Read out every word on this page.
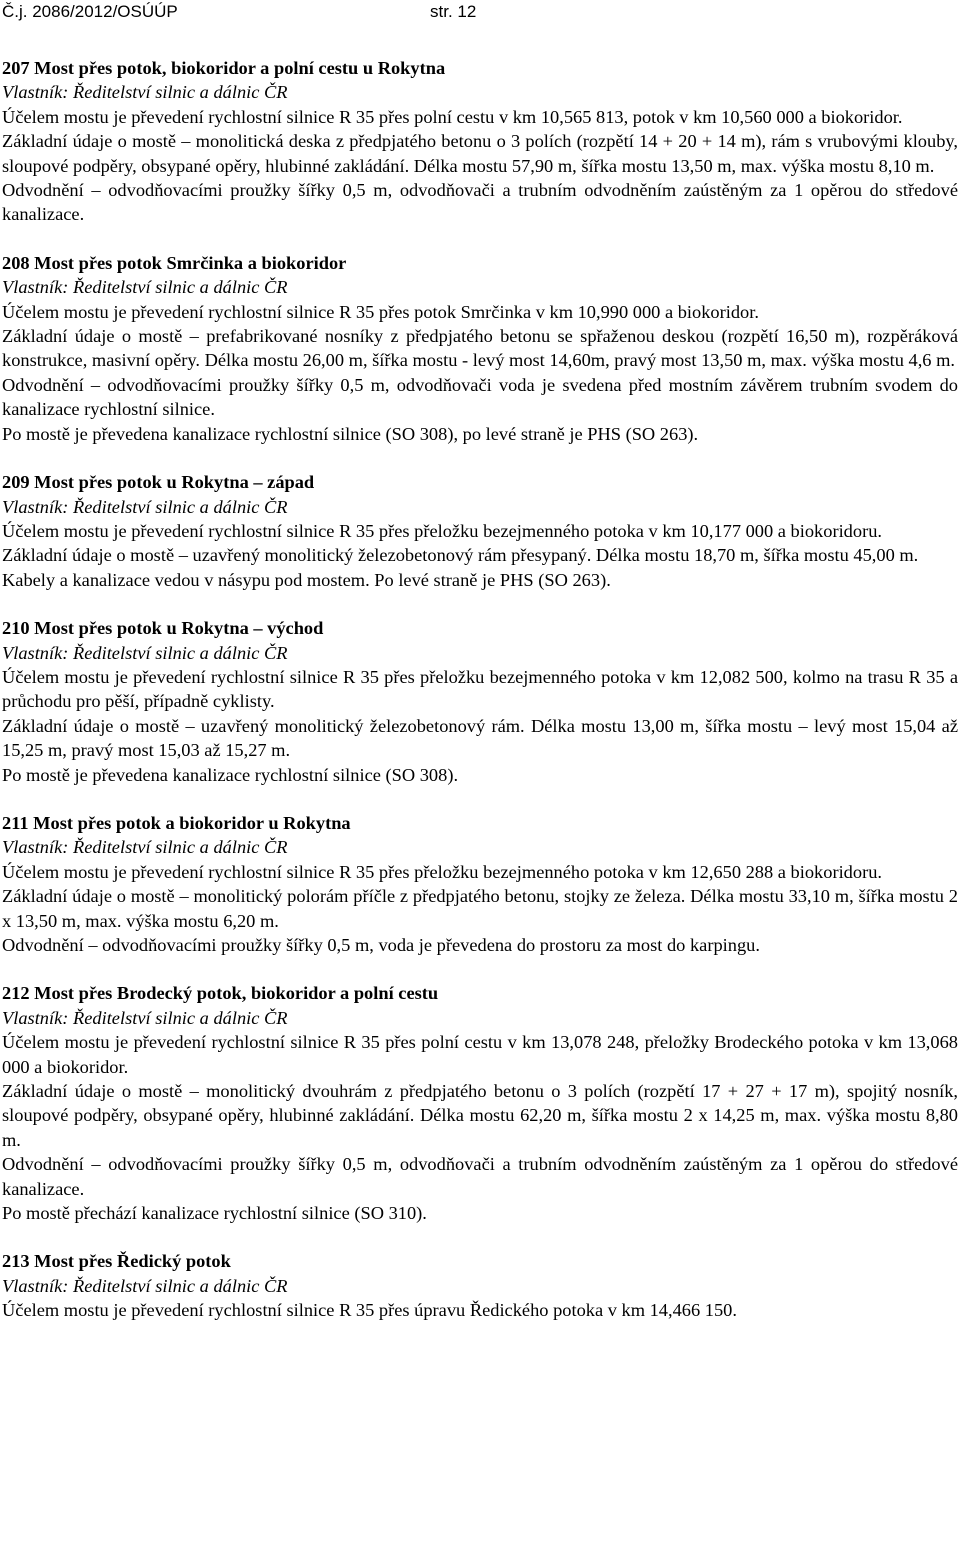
Č.j. 2086/2012/OSÚÚP	str. 12

207 Most přes potok, biokoridor a polní cestu u Rokytna

Vlastník: Ředitelství silnic a dálnic ČR

Účelem mostu je převedení rychlostní silnice R 35 přes polní cestu v km 10,565 813, potok v km 10,560 000 a biokoridor.

Základní údaje o mostě – monolitická deska z předpjatého betonu o 3 polích (rozpětí 14 + 20 + 14 m), rám s vrubovými klouby, sloupové podpěry, obsypané opěry, hlubinné zakládání. Délka mostu 57,90 m, šířka mostu 13,50 m, max. výška mostu 8,10 m.

Odvodnění – odvodňovacími proužky šířky 0,5 m, odvodňovači a trubním odvodněním zaústěným za 1 opěrou do středové kanalizace.

208 Most přes potok Smrčinka a biokoridor

Vlastník: Ředitelství silnic a dálnic ČR

Účelem mostu je převedení rychlostní silnice R 35 přes potok Smrčinka v km 10,990 000 a biokoridor.

Základní údaje o mostě – prefabrikované nosníky z předpjatého betonu se spřaženou deskou (rozpětí 16,50 m), rozpěráková konstrukce, masivní opěry. Délka mostu 26,00 m, šířka mostu - levý most 14,60m, pravý most 13,50 m, max. výška mostu 4,6 m.

Odvodnění – odvodňovacími proužky šířky 0,5 m, odvodňovači voda je svedena před mostním závěrem trubním svodem do kanalizace rychlostní silnice.

Po mostě je převedena kanalizace rychlostní silnice (SO 308), po levé straně je PHS (SO 263).

209 Most přes potok u Rokytna – západ

Vlastník: Ředitelství silnic a dálnic ČR

Účelem mostu je převedení rychlostní silnice R 35 přes přeložku bezejmenného potoka v km 10,177 000 a biokoridoru.

Základní údaje o mostě – uzavřený monolitický železobetonový rám přesypaný. Délka mostu 18,70 m, šířka mostu 45,00 m.

Kabely a kanalizace vedou v násypu pod mostem. Po levé straně je PHS (SO 263).

210 Most přes potok u Rokytna – východ

Vlastník: Ředitelství silnic a dálnic ČR

Účelem mostu je převedení rychlostní silnice R 35 přes přeložku bezejmenného potoka v km 12,082 500, kolmo na trasu R 35 a průchodu pro pěší, případně cyklisty.

Základní údaje o mostě – uzavřený monolitický železobetonový rám. Délka mostu 13,00 m, šířka mostu – levý most 15,04 až 15,25 m, pravý most 15,03 až 15,27 m.

Po mostě je převedena kanalizace rychlostní silnice (SO 308).

211 Most přes potok a biokoridor u Rokytna

Vlastník: Ředitelství silnic a dálnic ČR

Účelem mostu je převedení rychlostní silnice R 35 přes přeložku bezejmenného potoka v km 12,650 288 a biokoridoru.

Základní údaje o mostě – monolitický polorám příčle z předpjatého betonu, stojky ze železa. Délka mostu 33,10 m, šířka mostu 2 x 13,50 m, max. výška mostu 6,20 m.

Odvodnění – odvodňovacími proužky šířky 0,5 m, voda je převedena do prostoru za most do karpingu.

212 Most přes Brodecký potok, biokoridor a polní cestu

Vlastník: Ředitelství silnic a dálnic ČR

Účelem mostu je převedení rychlostní silnice R 35 přes polní cestu v km 13,078 248, přeložky Brodeckého potoka v km 13,068 000 a biokoridor.

Základní údaje o mostě – monolitický dvouhrám z předpjatého betonu o 3 polích (rozpětí 17 + 27 + 17 m), spojitý nosník, sloupové podpěry, obsypané opěry, hlubinné zakládání. Délka mostu 62,20 m, šířka mostu 2 x 14,25 m, max. výška mostu 8,80 m.

Odvodnění – odvodňovacími proužky šířky 0,5 m, odvodňovači a trubním odvodněním zaústěným za 1 opěrou do středové kanalizace.

Po mostě přechází kanalizace rychlostní silnice (SO 310).

213 Most přes Ředický potok

Vlastník: Ředitelství silnic a dálnic ČR

Účelem mostu je převedení rychlostní silnice R 35 přes úpravu Ředického potoka v km 14,466 150.
